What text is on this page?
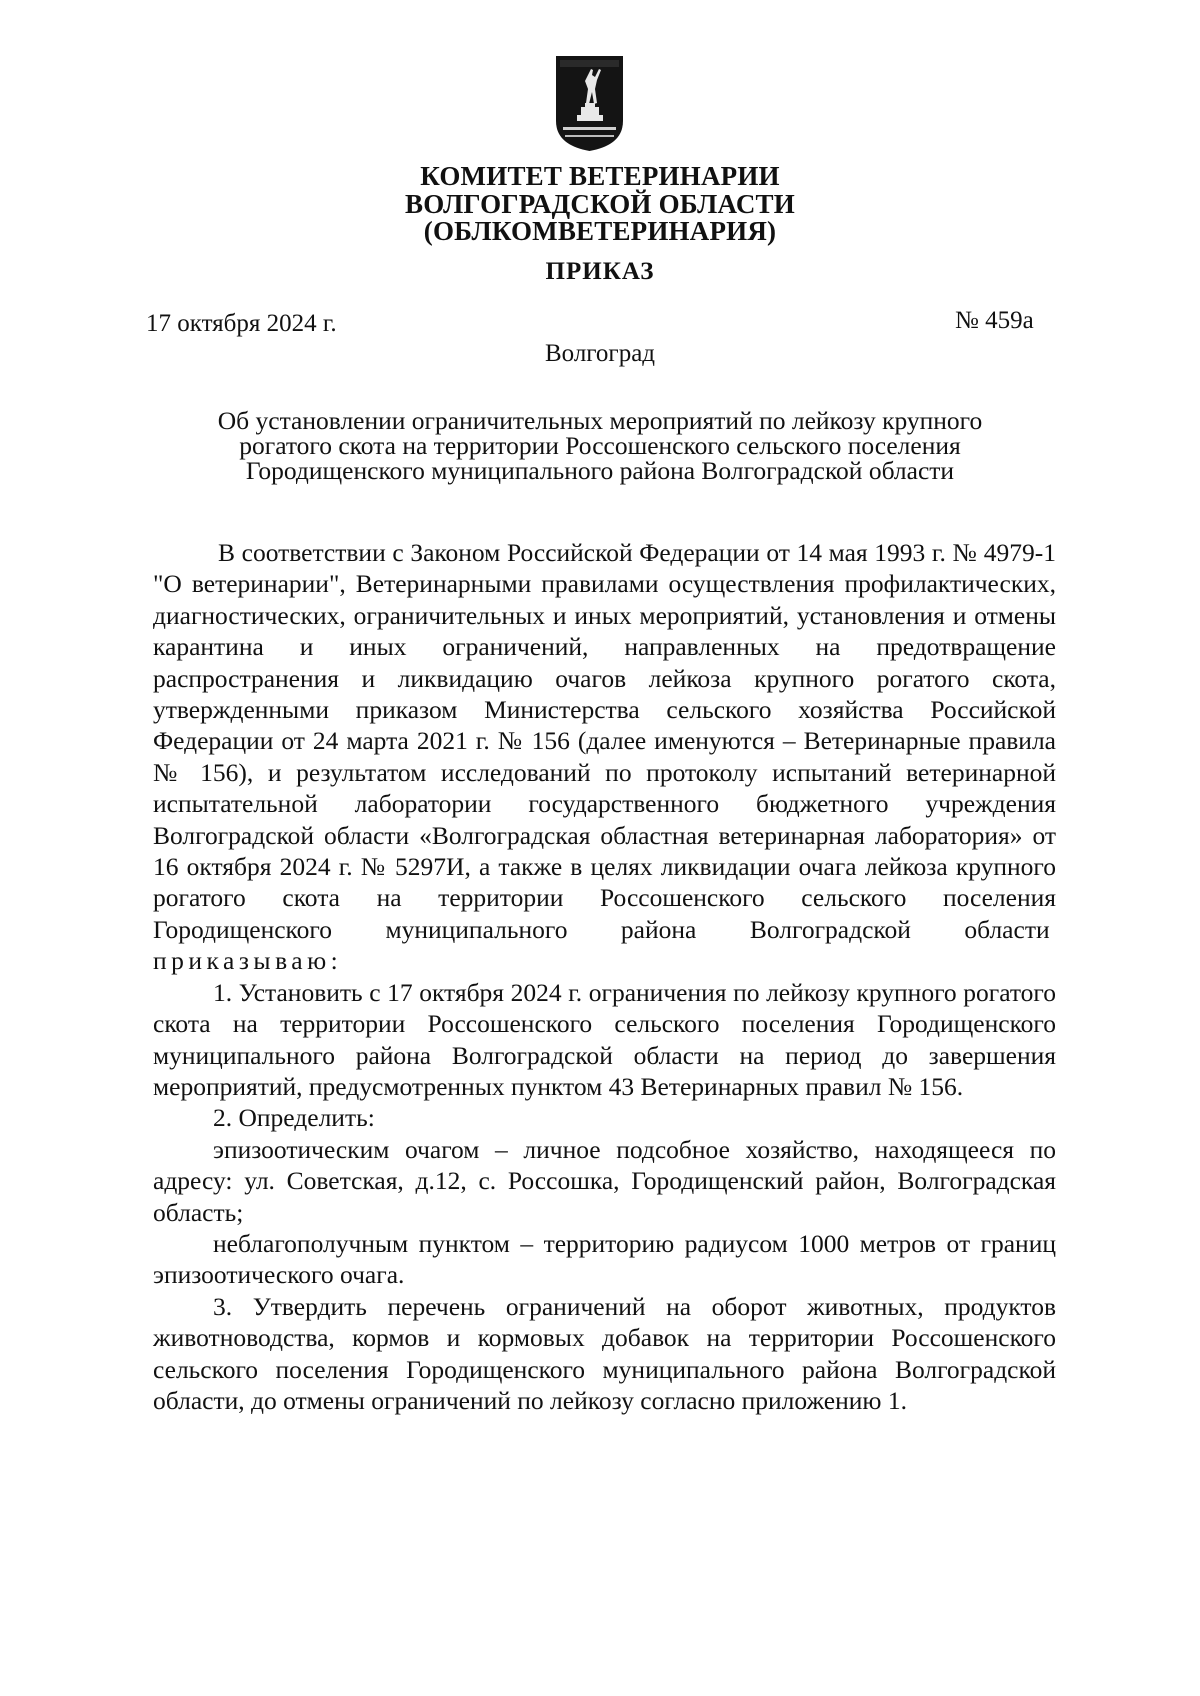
КОМИТЕТ ВЕТЕРИНАРИИ
ВОЛГОГРАДСКОЙ ОБЛАСТИ
(ОБЛКОМВЕТЕРИНАРИЯ)
ПРИКАЗ
17 октября 2024 г.	№ 459а
Волгоград
Об установлении ограничительных мероприятий по лейкозу крупного
рогатого скота на территории Россошенского сельского поселения
Городищенского муниципального района Волгоградской области

В соответствии с Законом Российской Федерации от 14 мая 1993 г. № 4979-1 "О ветеринарии", Ветеринарными правилами осуществления профилактических, диагностических, ограничительных и иных мероприятий, установления и отмены карантина и иных ограничений, направленных на предотвращение распространения и ликвидацию очагов лейкоза крупного рогатого скота, утвержденными приказом Министерства сельского хозяйства Российской Федерации от 24 марта 2021 г. № 156 (далее именуются – Ветеринарные правила № 156), и результатом исследований по протоколу испытаний ветеринарной испытательной лаборатории государственного бюджетного учреждения Волгоградской области «Волгоградская областная ветеринарная лаборатория» от 16 октября 2024 г. № 5297И, а также в целях ликвидации очага лейкоза крупного рогатого скота на территории Россошенского сельского поселения Городищенского муниципального района Волгоградской области  приказываю:

1. Установить с 17 октября 2024 г. ограничения по лейкозу крупного рогатого скота на территории Россошенского сельского поселения Городищенского муниципального района Волгоградской области на период до завершения мероприятий, предусмотренных пунктом 43 Ветеринарных правил № 156.

2. Определить:

эпизоотическим очагом – личное подсобное хозяйство, находящееся по адресу: ул. Советская, д.12, с. Россошка, Городищенский район, Волгоградская область;

неблагополучным пунктом – территорию радиусом 1000 метров от границ эпизоотического очага.

3. Утвердить перечень ограничений на оборот животных, продуктов животноводства, кормов и кормовых добавок на территории Россошенского сельского поселения Городищенского муниципального района Волгоградской области, до отмены ограничений по лейкозу согласно приложению 1.
